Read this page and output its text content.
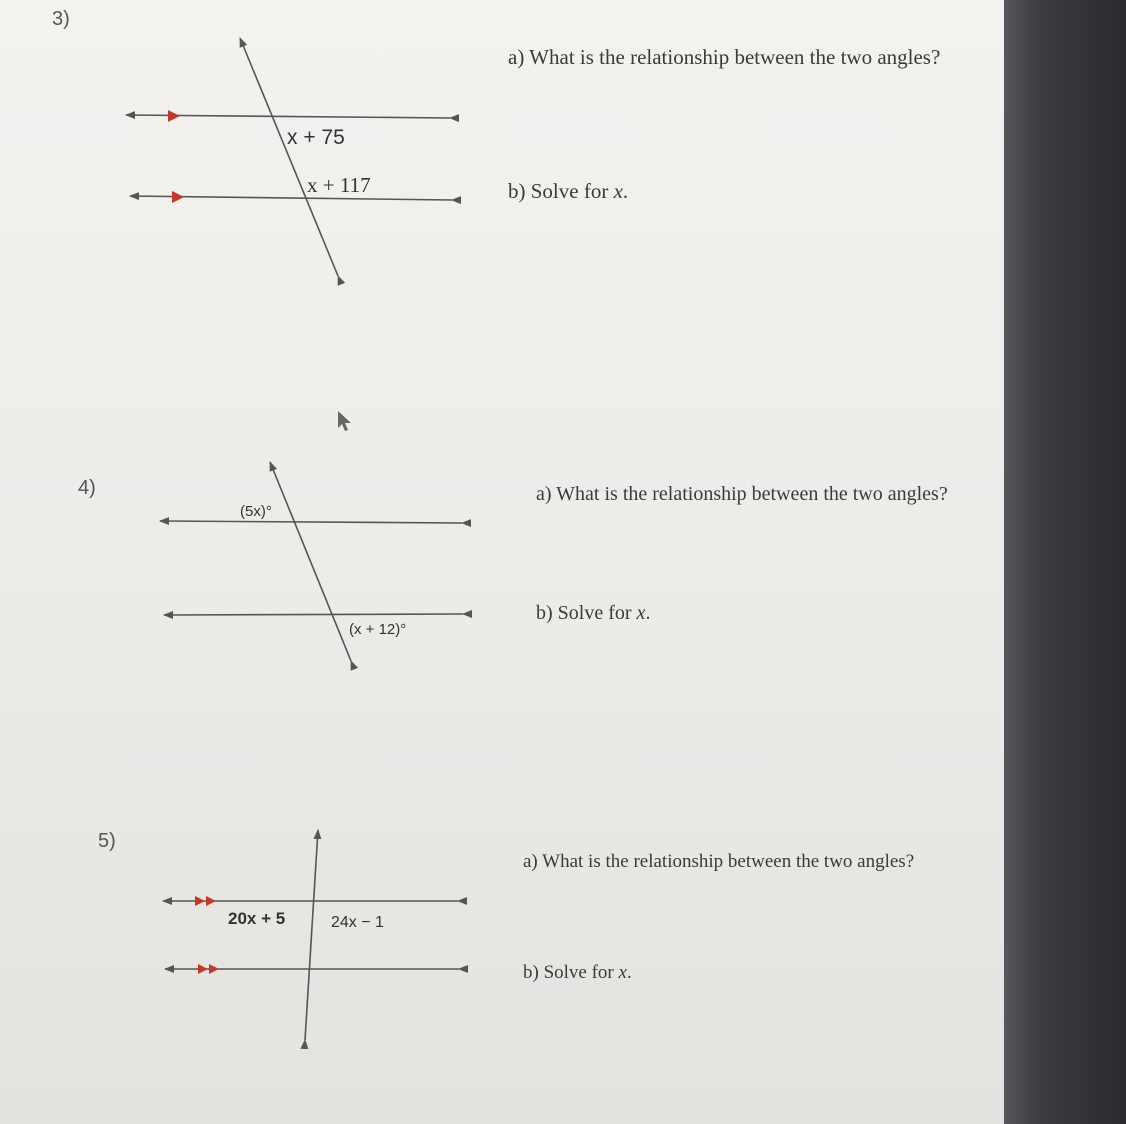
3)
4)
5)
a) What is the relationship between the two angles?
b) Solve for x.
a) What is the relationship between the two angles?
b) Solve for x.
a) What is the relationship between the two angles?
b) Solve for x.
x + 75
x + 117
(5x)°
(x + 12)°
20x + 5	24x − 1
